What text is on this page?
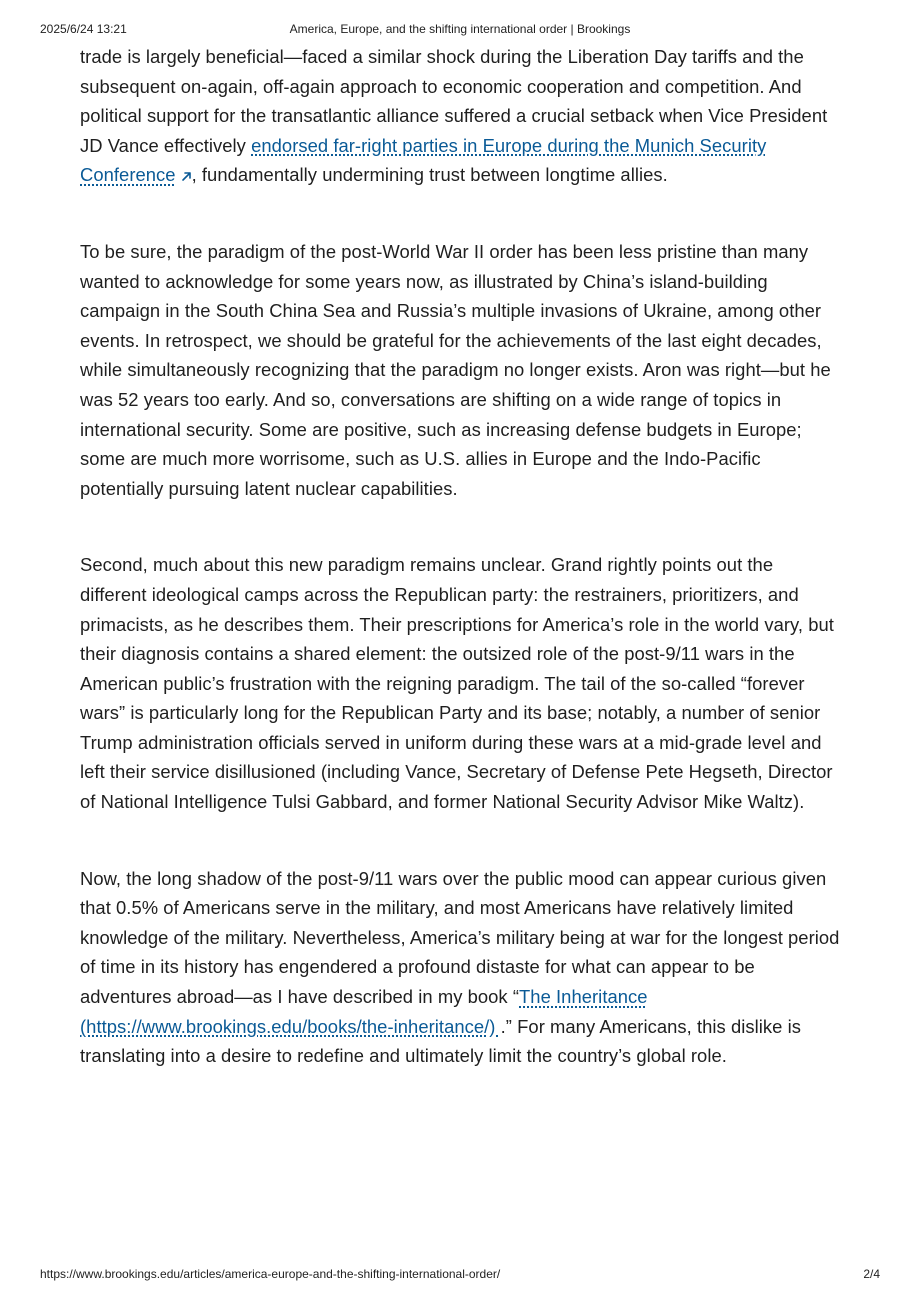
2025/6/24 13:21	America, Europe, and the shifting international order | Brookings

trade is largely beneficial—faced a similar shock during the Liberation Day tariffs and the subsequent on-again, off-again approach to economic cooperation and competition. And political support for the transatlantic alliance suffered a crucial setback when Vice President JD Vance effectively endorsed far-right parties in Europe during the Munich Security Conference , fundamentally undermining trust between longtime allies.

To be sure, the paradigm of the post-World War II order has been less pristine than many wanted to acknowledge for some years now, as illustrated by China’s island-building campaign in the South China Sea and Russia’s multiple invasions of Ukraine, among other events. In retrospect, we should be grateful for the achievements of the last eight decades, while simultaneously recognizing that the paradigm no longer exists. Aron was right—but he was 52 years too early. And so, conversations are shifting on a wide range of topics in international security. Some are positive, such as increasing defense budgets in Europe; some are much more worrisome, such as U.S. allies in Europe and the Indo-Pacific potentially pursuing latent nuclear capabilities.

Second, much about this new paradigm remains unclear. Grand rightly points out the different ideological camps across the Republican party: the restrainers, prioritizers, and primacists, as he describes them. Their prescriptions for America’s role in the world vary, but their diagnosis contains a shared element: the outsized role of the post-9/11 wars in the American public’s frustration with the reigning paradigm. The tail of the so-called “forever wars” is particularly long for the Republican Party and its base; notably, a number of senior Trump administration officials served in uniform during these wars at a mid-grade level and left their service disillusioned (including Vance, Secretary of Defense Pete Hegseth, Director of National Intelligence Tulsi Gabbard, and former National Security Advisor Mike Waltz).

Now, the long shadow of the post-9/11 wars over the public mood can appear curious given that 0.5% of Americans serve in the military, and most Americans have relatively limited knowledge of the military. Nevertheless, America’s military being at war for the longest period of time in its history has engendered a profound distaste for what can appear to be adventures abroad—as I have described in my book “The Inheritance (https://www.brookings.edu/books/the-inheritance/) .” For many Americans, this dislike is translating into a desire to redefine and ultimately limit the country’s global role.

https://www.brookings.edu/articles/america-europe-and-the-shifting-international-order/	2/4
